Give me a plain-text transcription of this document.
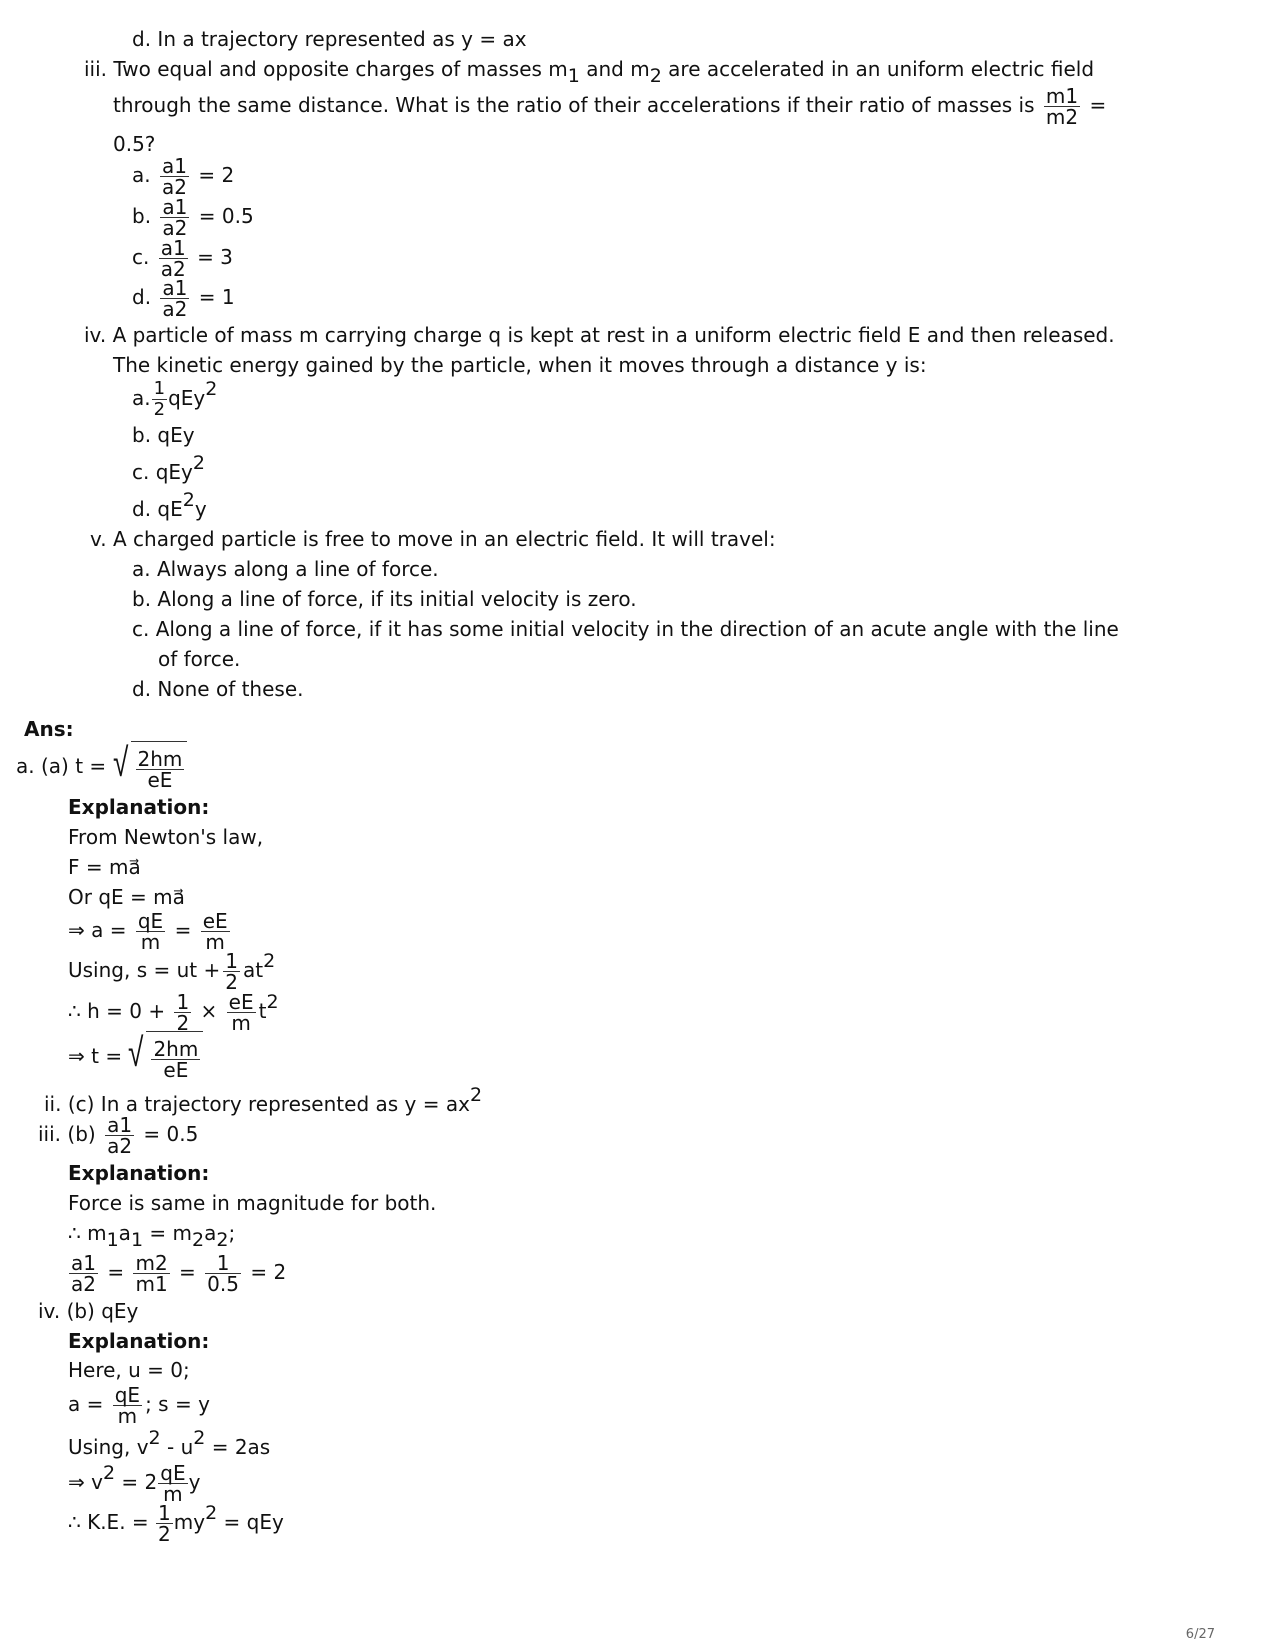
d. In a trajectory represented as y = ax
iii. Two equal and opposite charges of masses $m_1$ and $m_2$ are accelerated in an uniform electric field
through the same distance. What is the ratio of their accelerations if their ratio of masses is $\frac{m1}{m2}$ =
0.5?
a. $\frac{a1}{a2} = 2$
b. $\frac{a1}{a2} = 0.5$
c. $\frac{a1}{a2} = 3$
d. $\frac{a1}{a2} = 1$
iv. A particle of mass m carrying charge q is kept at rest in a uniform electric field E and then released.
The kinetic energy gained by the particle, when it moves through a distance y is:
a. $\frac{1}{2} qEy^2$
b. qEy
c. qEy$^2$
d. $qE^2y$
v. A charged particle is free to move in an electric field. It will travel:
a. Always along a line of force.
b. Along a line of force, if its initial velocity is zero.
c. Along a line of force, if it has some initial velocity in the direction of an acute angle with the line
of force.
d. None of these.
Ans:
a. (a) t = √ $\frac{2hm}{eE}$
Explanation:
From Newton's law,
F = ma⃗
Or qE = ma⃗
⇒ $a = \frac{qE}{m} = \frac{eE}{m}$
Using, s = ut + $\frac{1}{2} at^2$
∴ $h = 0 + \frac{1}{2} \times \frac{eE}{m} t^2$
⇒ t = √ $\frac{2hm}{eE}$
ii. (c) In a trajectory represented as $y = ax^2$
iii. $(b) \frac{a1}{a2} = 0.5$
Explanation:
Force is same in magnitude for both.
∴ $m_1a_1 = m_2a_2$;
$\frac{a1}{a2} = \frac{m2}{m1} = \frac{1}{0.5} = 2$
iv. (b) qEy
Explanation:
Here, u = 0;
$a = \frac{qE}{m}$ ; s = y
Using, $v^2 - u^2 = 2as$
⇒ $v^2 = 2 \frac{qE}{m}$ y
∴ K.E. = $\frac{1}{2} my^2$ = qEy
6/27
